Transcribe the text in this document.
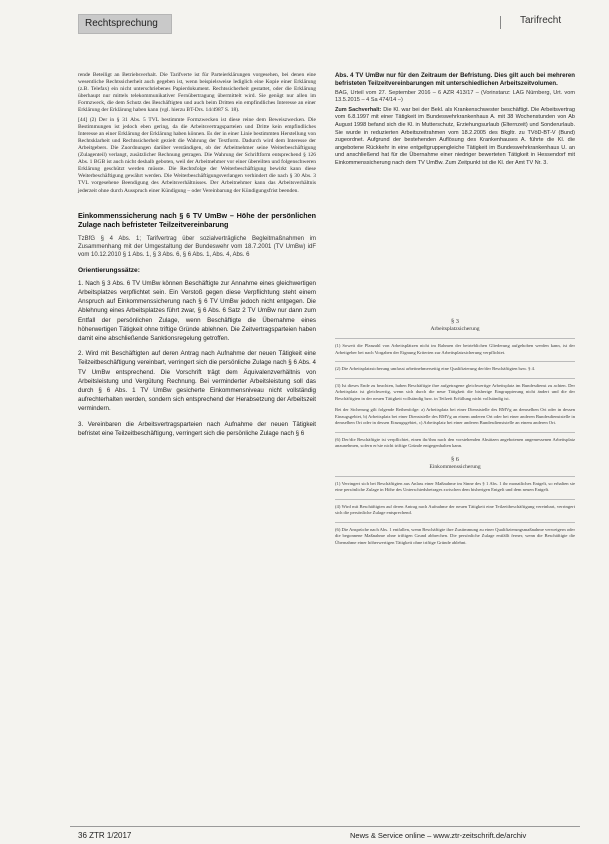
Rechtsprechung	Tarifrecht

rende Beteiligt an Betriebsverhalt. Die Tarifverte ist für Parteierklärungen vorgesehen, bei denen eine wesentliche Rechtssicherheit auch gegeben ist, wenn beispielsweise lediglich eine Kopie einer Erklärung (z.B. Telefax) ein nicht unterschriebenes Papierdokument. Rechtssicherheit gestattet, oder die Erklärung überhaupt nur mittels telekommunikativer Fernübertragung übermittelt wird. Sie genügt nur allen im Formzweck, die dem Schutz des Beschäftigten und auch beim Dritten ein empfindliches Interesse an einer Erklärung der Erklärung haben kann (vgl. hierzu BT-Drs. 14/4987 S. 18).

[44] (2) Der in § 31 Abs. 5 TVL bestimmte Formzwecken ist diese reine dem Beweiszwecken. Die Bestimmungen ist jedoch eben gering, da die Arbeitsvertragsparteien und Dritte kein empfindliches Interesse an einer Erklärung der Erklärung haben können. Es der in einer Linie bestimmten Herstellung von Rechtsklarheit und Rechtssicherheit gezielt die Wahrung der Textform. Dadurch wird dem Interesse der Arbeitgebers. Die Zuordnungen darüber verständigen, ob der Arbeitnehmer seine Weiterbeschäftigung (Zulagenteil) verlangt, zusätzlicher Rechnung getragen. Die Wahrung der Schriftform entsprechend § 126 Abs. 1 BGB ist auch nicht deshalb geboten, weil der Arbeitnehmer vor einer übereilten und folgenschweren Erklärung geschützt werden müsste. Die Rechtsfolge der Weiterbeschäftigung bewirkt kann diese Weiterbeschäftigung gewährt werden. Die Weiterbeschäftigungsverlangen verhindert die nach § 30 Abs. 3 TVL vorgesehene Beendigung des Arbeitsverhältnisses. Der Arbeitnehmer kann das Arbeitsverhältnis jederzeit ohne durch Ausspruch einer Kündigung – oder Vereinbarung der Kündigungsfrist beenden.

Einkommenssicherung nach § 6 TV UmBw – Höhe der persönlichen Zulage nach befristeter Teilzeitvereinbarung
TzBfG § 4 Abs. 1; Tarifvertrag über sozialverträgliche Begleitmaßnahmen im Zusammenhang mit der Umgestaltung der Bundeswehr vom 18.7.2001 (TV UmBw) idF vom 10.12.2010 § 1 Abs. 1, § 3 Abs. 6, § 6 Abs. 1, Abs. 4, Abs. 6
Orientierungssätze:

1. Nach § 3 Abs. 6 TV UmBw können Beschäftigte zur Annahme eines gleichwertigen Arbeitsplatzes verpflichtet sein. Ein Verstoß gegen diese Verpflichtung steht einem Anspruch auf Einkommenssicherung nach § 6 TV UmBw jedoch nicht entgegen. Die Ablehnung eines Arbeitsplatzes führt zwar, § 6 Abs. 6 Satz 2 TV UmBw nur dann zum Entfall der persönlichen Zulage, wenn Beschäftigte die Übernahme eines höherwertigen Tätigkeit ohne triftige Gründe ablehnen. Die Zeitvertragsparteien haben damit eine abschließende Sanktionsregelung getroffen.

2. Wird mit Beschäftigten auf deren Antrag nach Aufnahme der neuen Tätigkeit eine Teilzeitbeschäftigung vereinbart, verringert sich die persönliche Zulage nach § 6 Abs. 4 TV UmBw entsprechend. Die Vorschrift trägt dem Äquivalenzverhältnis von Arbeitsleistung und Vergütung Rechnung. Bei verminderter Arbeitsleistung soll das durch § 6 Abs. 1 TV UmBw gesicherte Einkommensniveau nicht vollständig aufrechterhalten werden, sondern sich entsprechend der Herabsetzung der Arbeitszeit vermindern.

3. Vereinbaren die Arbeitsvertragsparteien nach Aufnahme der neuen Tätigkeit befristet eine Teilzeitbeschäftigung, verringert sich die persönliche Zulage nach § 6

Abs. 4 TV UmBw nur für den Zeitraum der Befristung. Dies gilt auch bei mehreren befristeten Teilzeitvereinbarungen mit unterschiedlichen Arbeitszeitvolumen.

BAG, Urteil vom 27. September 2016 – 6 AZR 413/17 – (Vorinstanz: LAG Nürnberg, Urt. vom 13.5.2015 – 4 Sa 474/14 –)

Zum Sachverhalt: Die Kl. war bei der Bekl. als Krankenschwester beschäftigt. Die Arbeitsvertrag vom 6.8.1997 mit einer Tätigkeit im Bundeswehrkrankenhaus A. mit 38 Wochenstunden von Ab August 1998 befand sich die Kl. in Mutterschutz, Erziehungsurlaub (Elternzeit) und Sonderurlaub. Sie wurde in reduzierten Arbeitszeitrahmen vom 18.2.2005 des Bkgltr. zu TVöD-BT-V (Bund) zugeordnet. Aufgrund der bestehenden Auflösung des Krankenhauses A. führte die Kl. die angebotene Rückkehr in eine entgeltgruppengleiche Tätigkeit im Bundeswehrkrankenhaus U. an und anschließend hat für die Übernahme einer niedriger bewerteten Tätigkeit in Hessendorf mit Einkommenssicherung nach dem TV UmBw. Zum Zeitpunkt ist die Kl. der Amt TV Nr. 3.

§ 3
Arbeitsplatzsicherung

(1) Soweit die Planzahl von Arbeitsplätzen nicht im Rahmen der betrieblichen Gliederung aufgehoben werden kann, ist der Arbeitgeber bei nach Vorgaben der Eignung Kriterien zur Arbeitsplatzsicherung verpflichtet.

(2) Die Arbeitsplatzsicherung umfasst arbeitnehmerseitig eine Qualifizierung der/der Beschäftigten bzw. § 4.

(3) Ist dieses Ende zu beachten, haben Beschäftigte ihre aufgetragene gleichwertige Arbeitsplatz im Bundesdienst zu achten. Der Arbeitsplatz ist gleichwertig, wenn sich durch die neue Tätigkeit die bisherige Eingruppierung nicht ändert und die der Beschäftigten in der neuen Tätigkeit vollständig bzw. in Teilzeit Erfüllung nicht vollständig ist.

Bei der Sicherung gilt folgende Reihenfolge: a) Arbeitsplatz bei einer Dienststelle des BMVg an demselben Ort oder in dessen Einzugsgebiet, b) Arbeitsplatz bei einer Dienststelle des BMVg an einem anderen Ort oder bei einer anderen Bundesdienststelle in demselben Ort oder in dessen Einzugsgebiet, c) Arbeitsplatz bei einer anderen Bundesdienststelle an einem anderen Ort.

(6) Der/die Beschäftigte ist verpflichtet, einen ihr/ihm nach den vorstehenden Absätzen angebotenen angemessenen Arbeitsplatz anzunehmen, sofern er/sie nicht triftige Gründe entgegenhalten kann.

§ 6
Einkommenssicherung

(1) Verringert sich bei Beschäftigten aus Anlass einer Maßnahme im Sinne des § 1 Abs. 1 ihr monatliches Entgelt, so erhalten sie eine persönliche Zulage in Höhe des Unterschiedsbetrages zwischen dem bisherigen Entgelt und dem neuen Entgelt.

(4) Wird mit Beschäftigten auf deren Antrag nach Aufnahme der neuen Tätigkeit eine Teilzeitbeschäftigung vereinbart, verringert sich die persönliche Zulage entsprechend.

(6) Die Ansprüche nach Abs. 1 entfallen, wenn Beschäftigte ihre Zustimmung zu einer Qualifizierungsmaßnahme verweigern oder die begonnene Maßnahme ohne triftigen Grund abbrechen. Die persönliche Zulage entfällt ferner, wenn die Beschäftigte die Übernahme einer höherwertigen Tätigkeit ohne triftige Gründe ablehnt.

36 ZTR 1/2017	News & Service online – www.ztr-zeitschrift.de/archiv
